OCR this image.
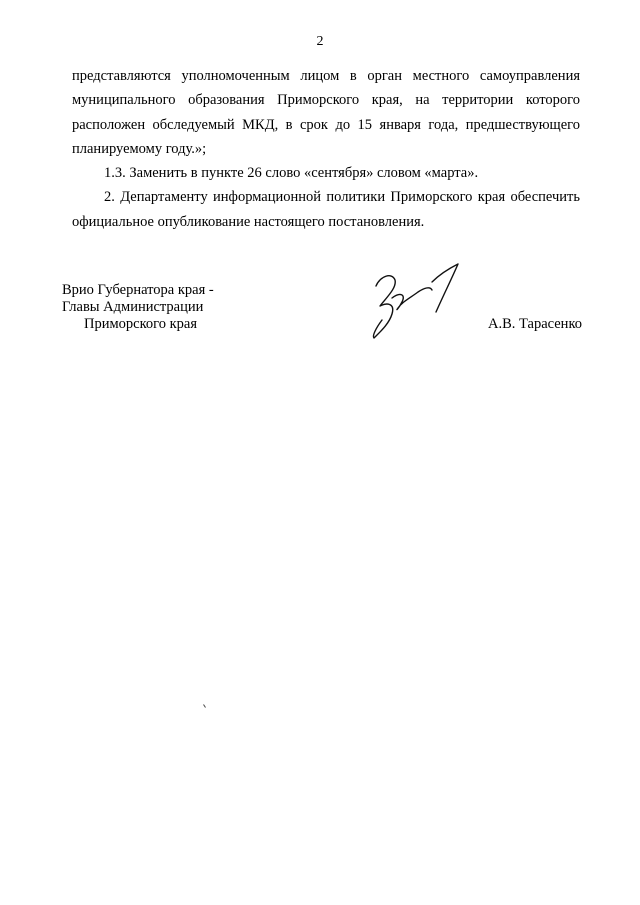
2

представляются уполномоченным лицом в орган местного самоуправления муниципального образования Приморского края, на территории которого расположен обследуемый МКД, в срок до 15 января года, предшествующего планируемому году.»;

1.3. Заменить в пункте 26 слово «сентября» словом «марта».

2. Департаменту информационной политики Приморского края обеспечить официальное опубликование настоящего постановления.

Врио Губернатора края -
Главы Администрации
Приморского края	А.В. Тарасенко
